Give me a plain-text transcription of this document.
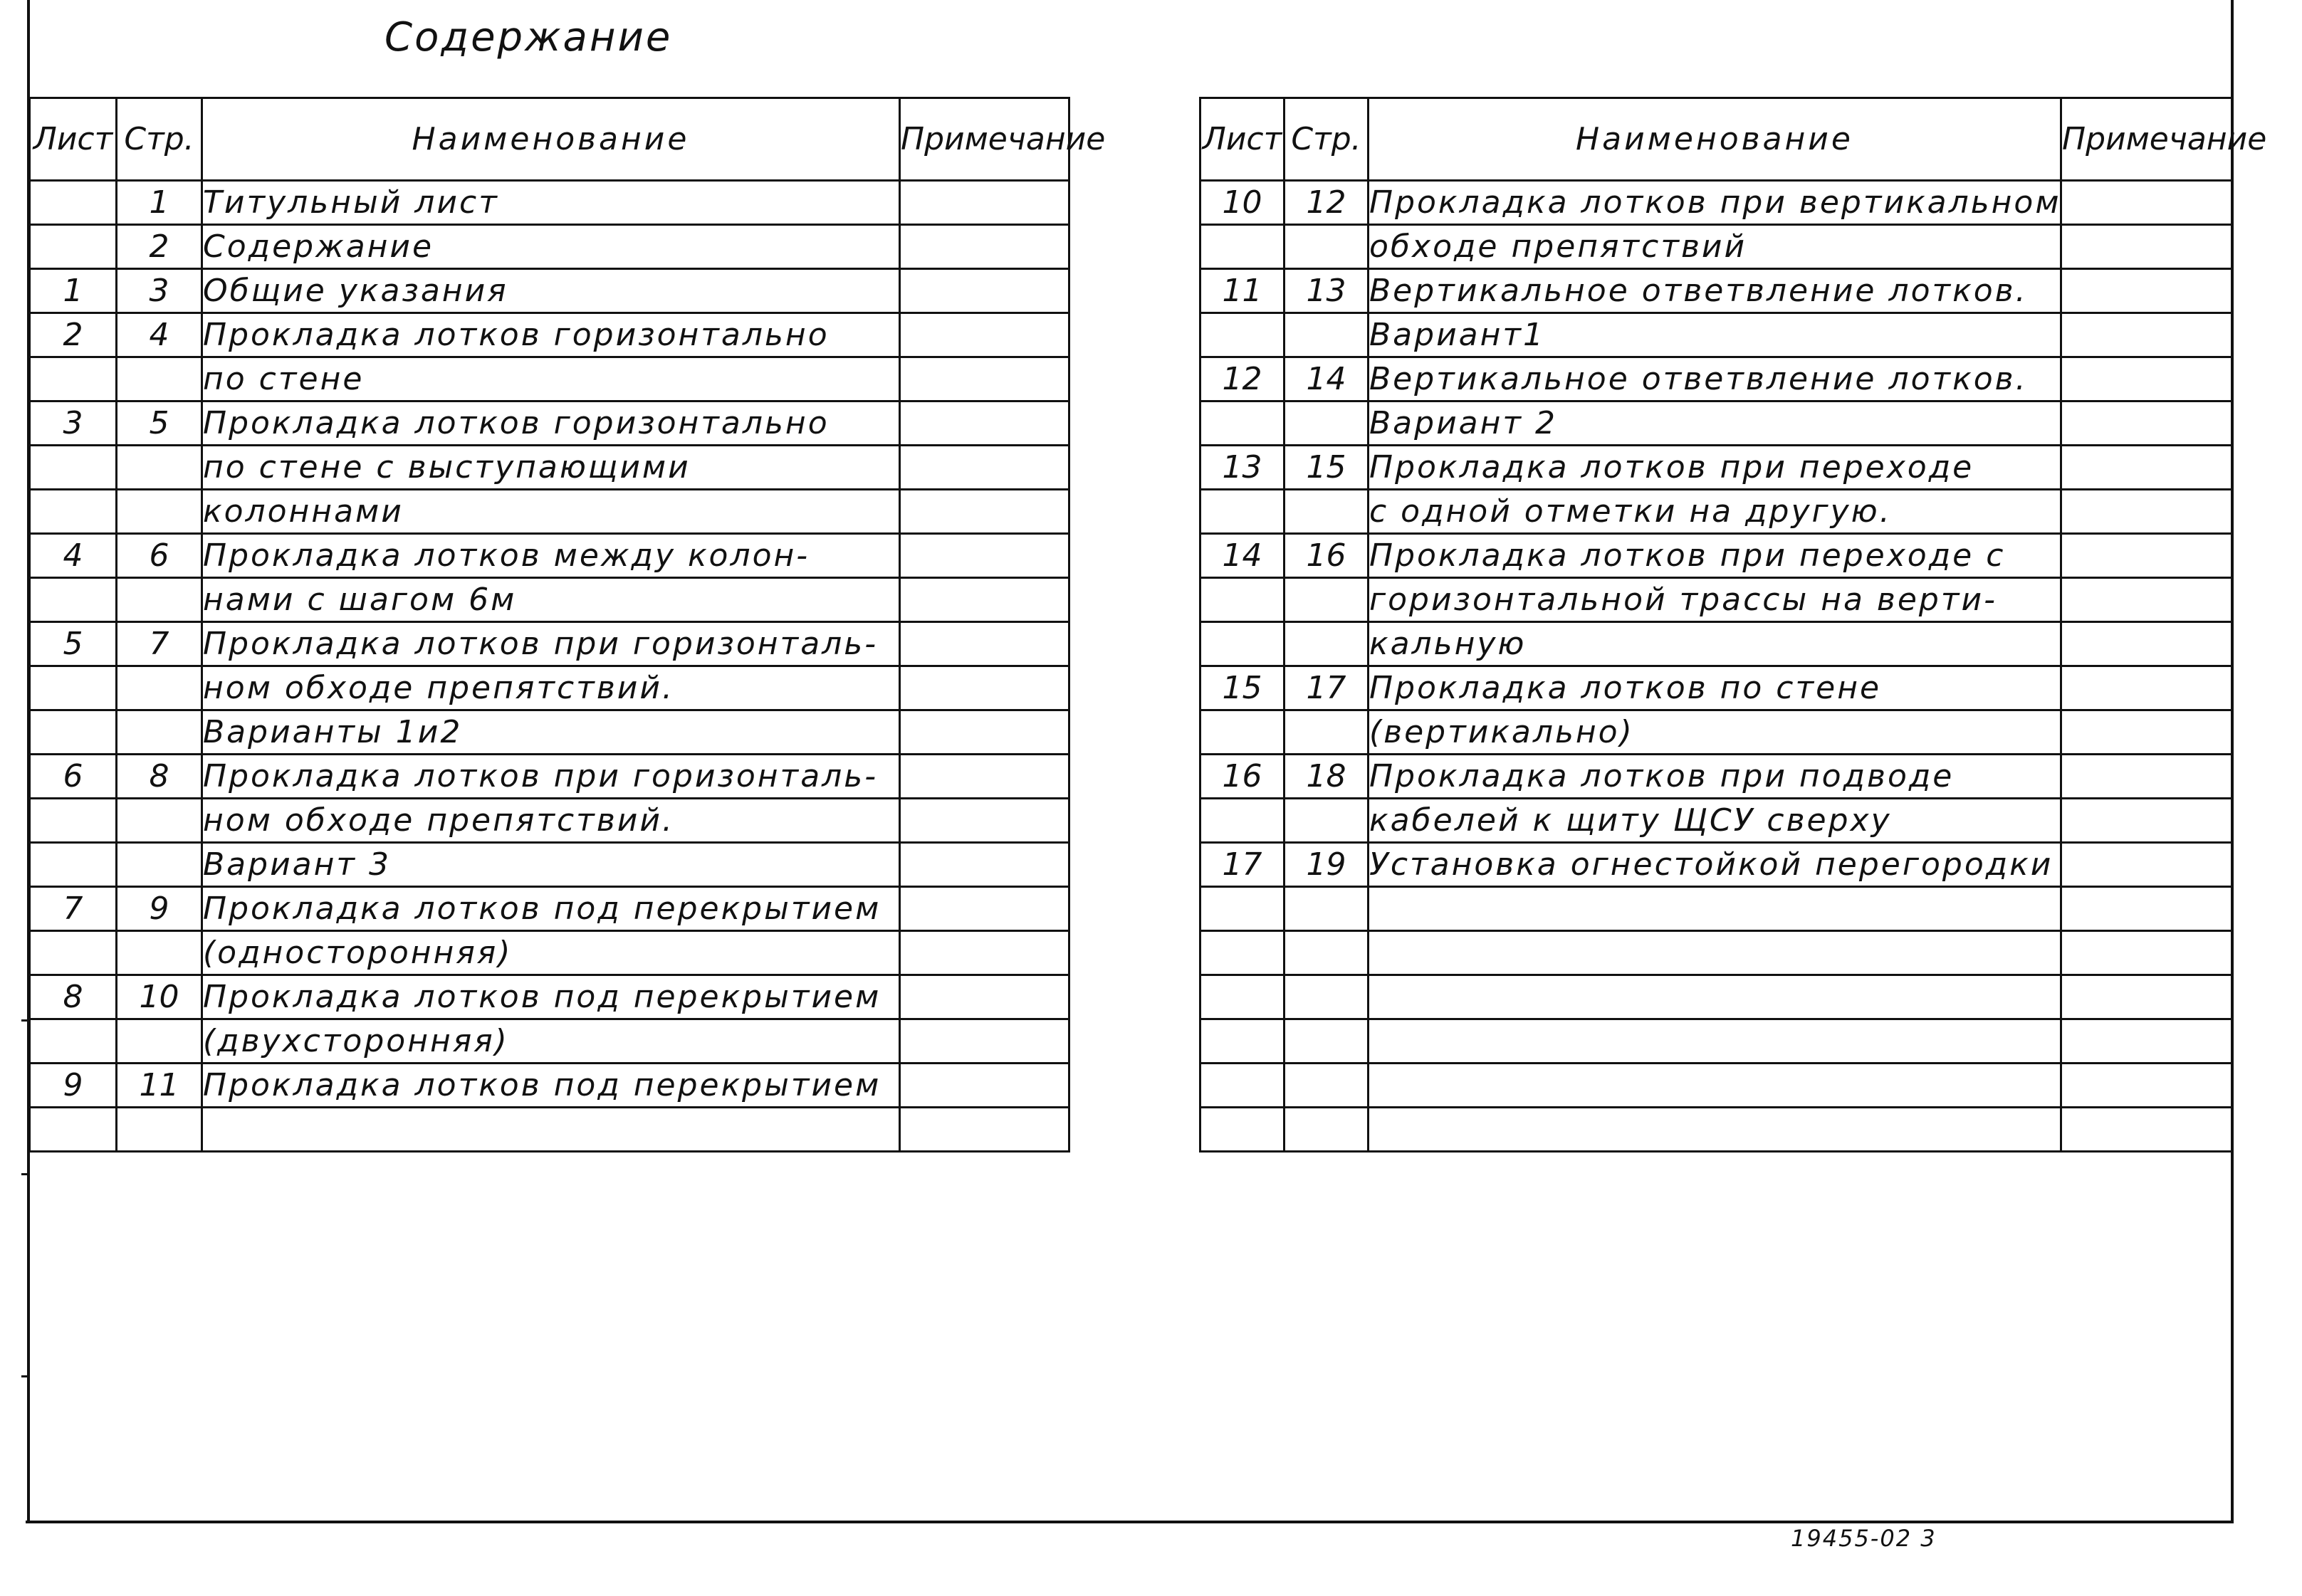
Содержание
Лист	Стр.	Наименование	Примечание
	1	Титульный лист	
	2	Содержание	
1	3	Общие указания	
2	4	Прокладка лотков горизонтально	
		по стене	
3	5	Прокладка лотков горизонтально	
		по стене с выступающими	
		колоннами	
4	6	Прокладка лотков между колон-	
		нами с шагом 6м	
5	7	Прокладка лотков при горизонталь-	
		ном обходе препятствий.	
		Варианты 1и2	
6	8	Прокладка лотков при горизонталь-	
		ном обходе препятствий.	
		Вариант 3	
7	9	Прокладка лотков под перекрытием	
		(односторонняя)	
8	10	Прокладка лотков под перекрытием	
		(двухсторонняя)	
9	11	Прокладка лотков под перекрытием	

Лист	Стр.	Наименование	Примечание
10	12	Прокладка лотков при вертикальном	
		обходе препятствий	
11	13	Вертикальное ответвление лотков.	
		Вариант1	
12	14	Вертикальное ответвление лотков.	
		Вариант 2	
13	15	Прокладка лотков при переходе	
		с одной отметки на другую.	
14	16	Прокладка лотков при переходе с	
		горизонтальной трассы на верти-	
		кальную	
15	17	Прокладка лотков по стене	
		(вертикально)	
16	18	Прокладка лотков при подводе	
		кабелей к щиту ЩСУ сверху	
17	19	Установка огнестойкой перегородки	

19455-02 3
